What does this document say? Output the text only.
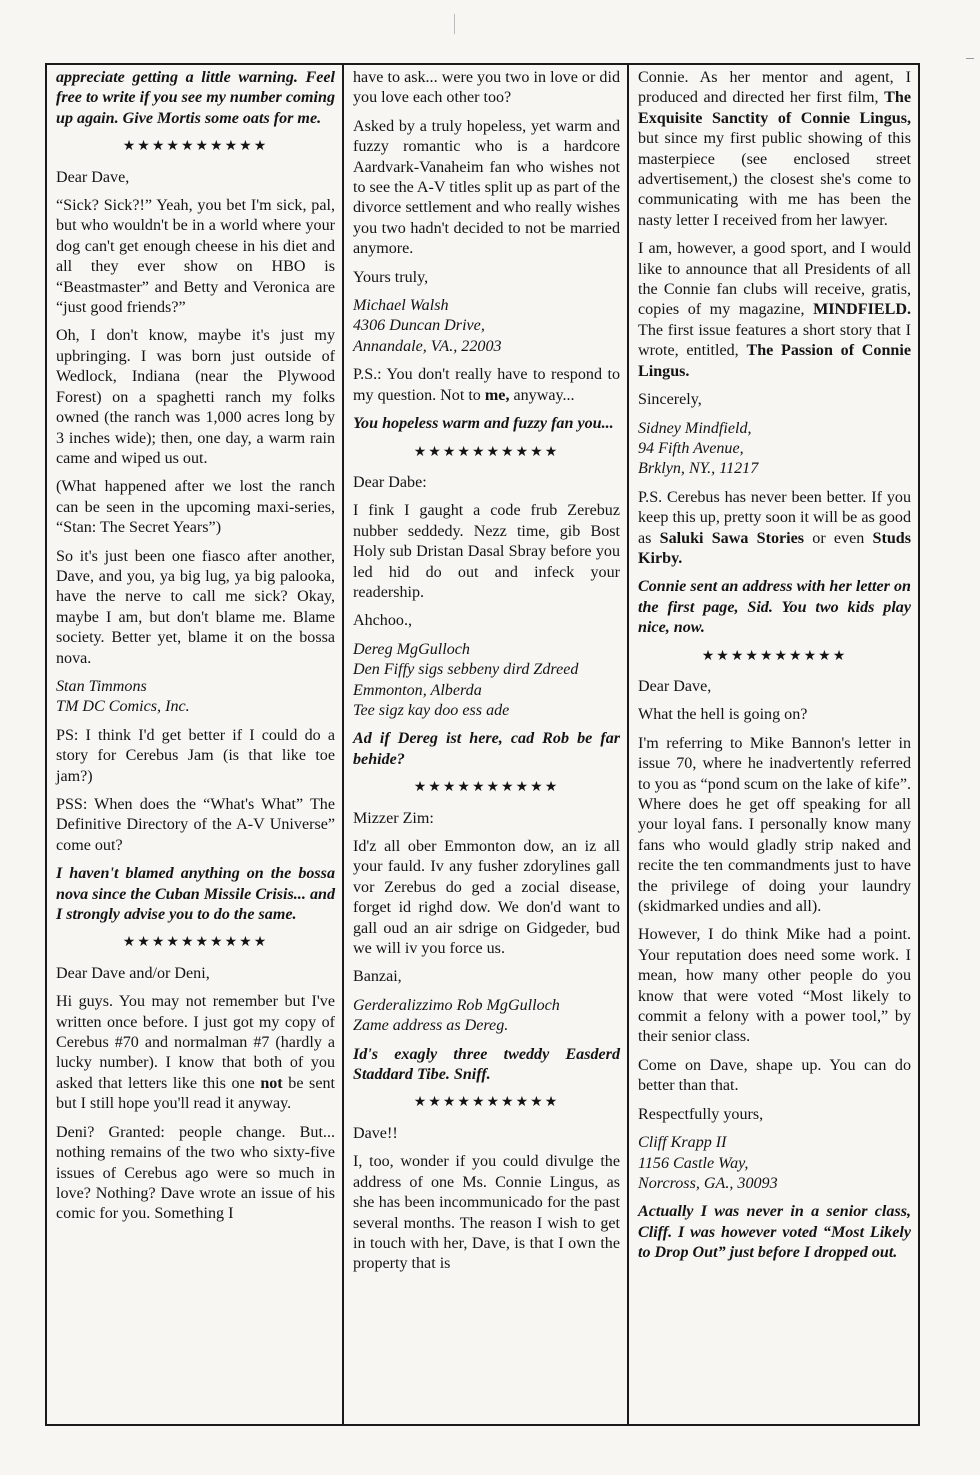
appreciate getting a little warning. Feel free to write if you see my number coming up again. Give Mortis some oats for me.

★★★★★★★★★★

Dear Dave,

“Sick? Sick?!” Yeah, you bet I'm sick, pal, but who wouldn't be in a world where your dog can't get enough cheese in his diet and all they ever show on HBO is “Beastmaster” and Betty and Veronica are “just good friends?”

Oh, I don't know, maybe it's just my upbringing. I was born just outside of Wedlock, Indiana (near the Plywood Forest) on a spaghetti ranch my folks owned (the ranch was 1,000 acres long by 3 inches wide); then, one day, a warm rain came and wiped us out.

(What happened after we lost the ranch can be seen in the upcoming maxi-series, “Stan: The Secret Years”)

So it's just been one fiasco after another, Dave, and you, ya big lug, ya big palooka, have the nerve to call me sick? Okay, maybe I am, but don't blame me. Blame society. Better yet, blame it on the bossa nova.

Stan Timmons

TM DC Comics, Inc.

PS: I think I'd get better if I could do a story for Cerebus Jam (is that like toe jam?)

PSS: When does the “What's What” The Definitive Directory of the A-V Universe” come out?

I haven't blamed anything on the bossa nova since the Cuban Missile Crisis... and I strongly advise you to do the same.

★★★★★★★★★★

Dear Dave and/or Deni,

Hi guys. You may not remember but I've written once before. I just got my copy of Cerebus #70 and normalman #7 (hardly a lucky number). I know that both of you asked that letters like this one not be sent but I still hope you'll read it anyway.

Deni? Granted: people change. But... nothing remains of the two who sixty-five issues of Cerebus ago were so much in love? Nothing? Dave wrote an issue of his comic for you. Something I

have to ask... were you two in love or did you love each other too?

Asked by a truly hopeless, yet warm and fuzzy romantic who is a hardcore Aardvark-Vanaheim fan who wishes not to see the A-V titles split up as part of the divorce settlement and who really wishes you two hadn't decided to not be married anymore.

Yours truly,

Michael Walsh
4306 Duncan Drive,

Annandale, VA., 22003

P.S.: You don't really have to respond to my question. Not to me, anyway...

You hopeless warm and fuzzy fan you...

★★★★★★★★★★

Dear Dabe:

I fink I gaught a code frub Zerebuz nubber seddedy. Nezz time, gib Bost Holy sub Dristan Dasal Sbray before you led hid do out and infeck your readership.

Ahchoo.,

Dereg MgGulloch
Den Fiffy sigs sebbeny dird Zdreed
Emmonton, Alberda

Tee sigz kay doo ess ade

Ad if Dereg ist here, cad Rob be far behide?

★★★★★★★★★★

Mizzer Zim:

Id'z all ober Emmonton dow, an iz all your fauld. Iv any fusher zdorylines gall vor Zerebus do ged a zocial disease, forget id righd dow. We don'd want to gall oud an air sdrige on Gidgeder, bud we will iv you force us.

Banzai,

Gerderalizzimo Rob MgGulloch

Zame address as Dereg.

Id's exagly three tweddy Easderd Staddard Tibe. Sniff.

★★★★★★★★★★

Dave!!

I, too, wonder if you could divulge the address of one Ms. Connie Lingus, as she has been incommunicado for the past several months. The reason I wish to get in touch with her, Dave, is that I own the property that is

Connie. As her mentor and agent, I produced and directed her first film, The Exquisite Sanctity of Connie Lingus, but since my first public showing of this masterpiece (see enclosed street advertisement,) the closest she's come to communicating with me has been the nasty letter I received from her lawyer.

I am, however, a good sport, and I would like to announce that all Presidents of all the Connie fan clubs will receive, gratis, copies of my magazine, MINDFIELD. The first issue features a short story that I wrote, entitled, The Passion of Connie Lingus.

Sincerely,

Sidney Mindfield,
94 Fifth Avenue,

Brklyn, NY., 11217

P.S. Cerebus has never been better. If you keep this up, pretty soon it will be as good as Saluki Sawa Stories or even Studs Kirby.

Connie sent an address with her letter on the first page, Sid. You two kids play nice, now.

★★★★★★★★★★

Dear Dave,

What the hell is going on?

I'm referring to Mike Bannon's letter in issue 70, where he inadvertently referred to you as “pond scum on the lake of kife”. Where does he get off speaking for all your loyal fans. I personally know many fans who would gladly strip naked and recite the ten commandments just to have the privilege of doing your laundry (skidmarked undies and all).

However, I do think Mike had a point. Your reputation does need some work. I mean, how many other people do you know that were voted “Most likely to commit a felony with a power tool,” by their senior class.

Come on Dave, shape up. You can do better than that.

Respectfully yours,

Cliff Krapp II
1156 Castle Way,

Norcross, GA., 30093

Actually I was never in a senior class, Cliff. I was however voted “Most Likely to Drop Out” just before I dropped out.
